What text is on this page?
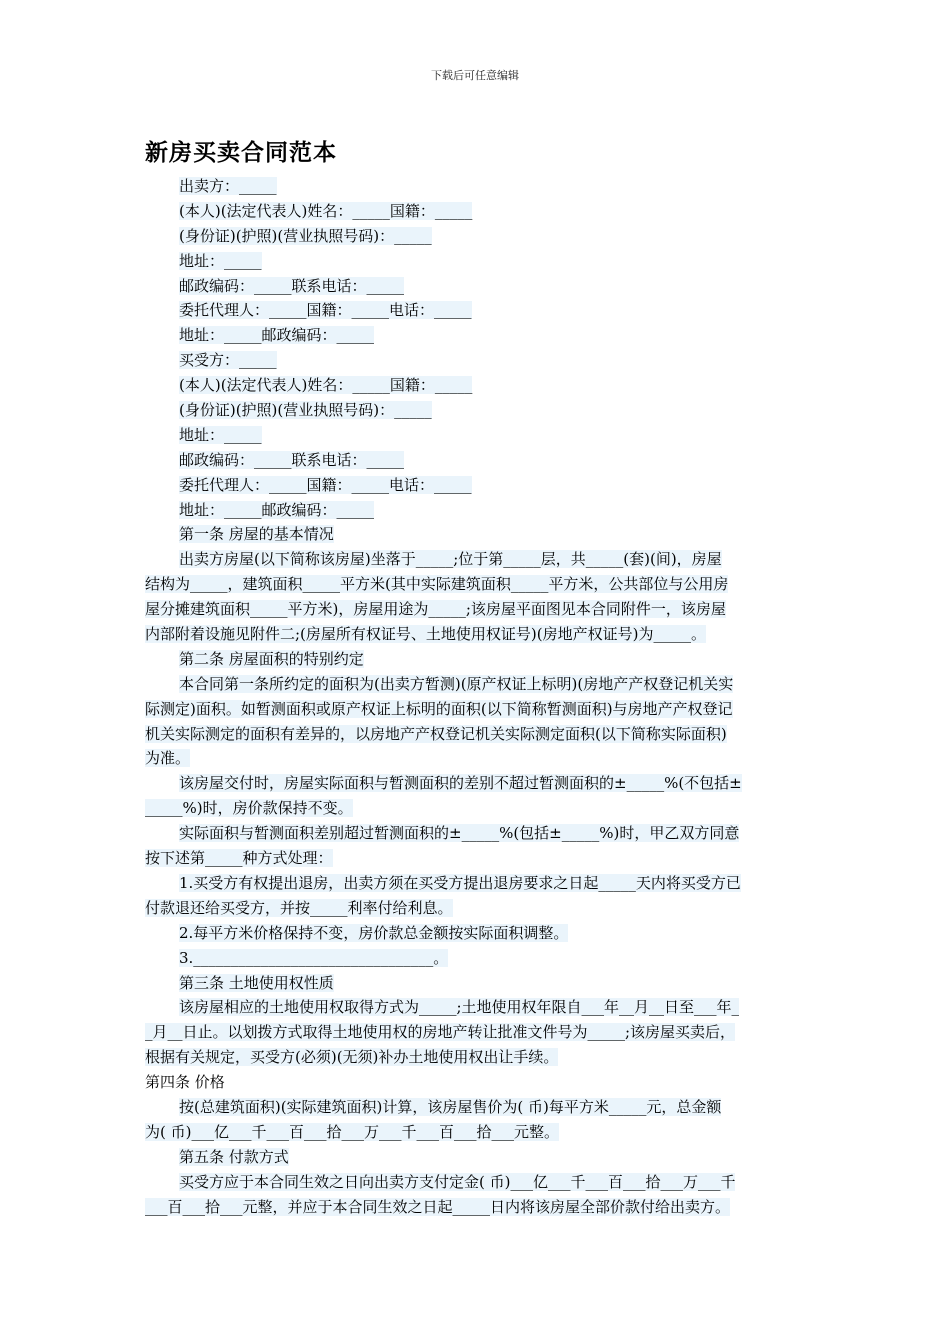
下载后可任意编辑
新房买卖合同范本
出卖方：_____
(本人)(法定代表人)姓名：_____国籍：_____
(身份证)(护照)(营业执照号码)：_____
地址：_____
邮政编码：_____联系电话：_____
委托代理人：_____国籍：_____电话：_____
地址：_____邮政编码：_____
买受方：_____
(本人)(法定代表人)姓名：_____国籍：_____
(身份证)(护照)(营业执照号码)：_____
地址：_____
邮政编码：_____联系电话：_____
委托代理人：_____国籍：_____电话：_____
地址：_____邮政编码：_____
第一条 房屋的基本情况
出卖方房屋(以下简称该房屋)坐落于_____;位于第_____层，共_____(套)(间)，房屋
结构为_____，建筑面积_____平方米(其中实际建筑面积_____平方米，公共部位与公用房
屋分摊建筑面积_____平方米)，房屋用途为_____;该房屋平面图见本合同附件一，该房屋
内部附着设施见附件二;(房屋所有权证号、土地使用权证号)(房地产权证号)为_____。
第二条 房屋面积的特别约定
本合同第一条所约定的面积为(出卖方暂测)(原产权证上标明)(房地产产权登记机关实
际测定)面积。如暂测面积或原产权证上标明的面积(以下简称暂测面积)与房地产产权登记
机关实际测定的面积有差异的，以房地产产权登记机关实际测定面积(以下简称实际面积)
为准。
该房屋交付时，房屋实际面积与暂测面积的差别不超过暂测面积的±_____%(不包括±
_____%)时，房价款保持不变。
实际面积与暂测面积差别超过暂测面积的±_____%(包括±_____%)时，甲乙双方同意
按下述第_____种方式处理：
1.买受方有权提出退房，出卖方须在买受方提出退房要求之日起_____天内将买受方已
付款退还给买受方，并按_____利率付给利息。
2.每平方米价格保持不变，房价款总金额按实际面积调整。
3.________________________________。
第三条 土地使用权性质
该房屋相应的土地使用权取得方式为_____;土地使用权年限自___年__月__日至___年_
_月__日止。以划拨方式取得土地使用权的房地产转让批准文件号为_____;该房屋买卖后，
根据有关规定，买受方(必须)(无须)补办土地使用权出让手续。
第四条 价格
按(总建筑面积)(实际建筑面积)计算，该房屋售价为( 币)每平方米_____元，总金额
为( 币)___亿___千___百___拾___万___千___百___拾___元整。
第五条 付款方式
买受方应于本合同生效之日向出卖方支付定金( 币)___亿___千___百___拾___万___千
___百___拾___元整，并应于本合同生效之日起_____日内将该房屋全部价款付给出卖方。
